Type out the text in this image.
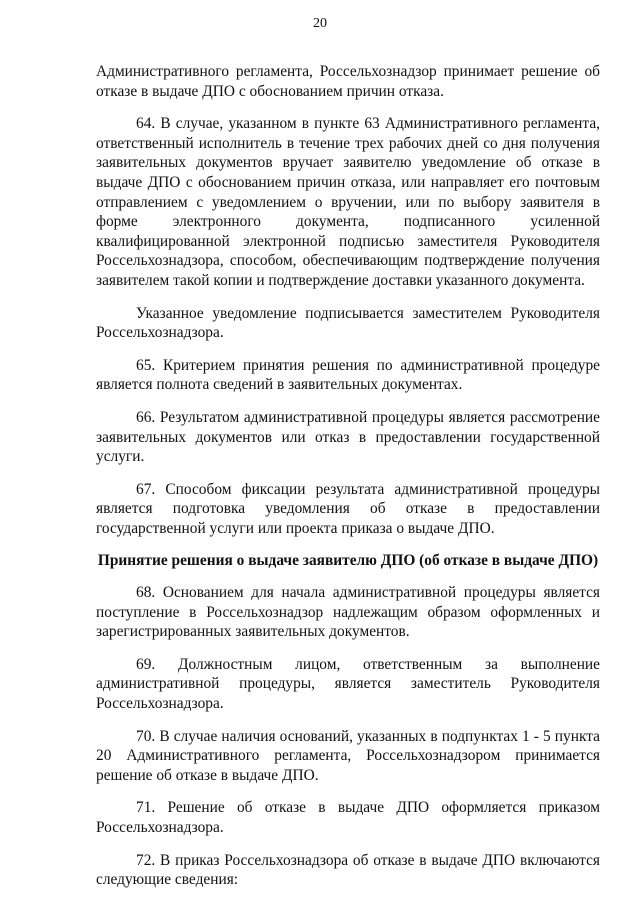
20

Административного регламента, Россельхознадзор принимает решение об отказе в выдаче ДПО с обоснованием причин отказа.

64. В случае, указанном в пункте 63 Административного регламента, ответственный исполнитель в течение трех рабочих дней со дня получения заявительных документов вручает заявителю уведомление об отказе в выдаче ДПО с обоснованием причин отказа, или направляет его почтовым отправлением с уведомлением о вручении, или по выбору заявителя в форме электронного документа, подписанного усиленной квалифицированной электронной подписью заместителя Руководителя Россельхознадзора, способом, обеспечивающим подтверждение получения заявителем такой копии и подтверждение доставки указанного документа.

Указанное уведомление подписывается заместителем Руководителя Россельхознадзора.

65. Критерием принятия решения по административной процедуре является полнота сведений в заявительных документах.

66. Результатом административной процедуры является рассмотрение заявительных документов или отказ в предоставлении государственной услуги.

67. Способом фиксации результата административной процедуры является подготовка уведомления об отказе в предоставлении государственной услуги или проекта приказа о выдаче ДПО.

Принятие решения о выдаче заявителю ДПО (об отказе в выдаче ДПО)

68. Основанием для начала административной процедуры является поступление в Россельхознадзор надлежащим образом оформленных и зарегистрированных заявительных документов.

69. Должностным лицом, ответственным за выполнение административной процедуры, является заместитель Руководителя Россельхознадзора.

70. В случае наличия оснований, указанных в подпунктах 1 - 5 пункта 20 Административного регламента, Россельхознадзором принимается решение об отказе в выдаче ДПО.

71. Решение об отказе в выдаче ДПО оформляется приказом Россельхознадзора.

72. В приказ Россельхознадзора об отказе в выдаче ДПО включаются следующие сведения:
